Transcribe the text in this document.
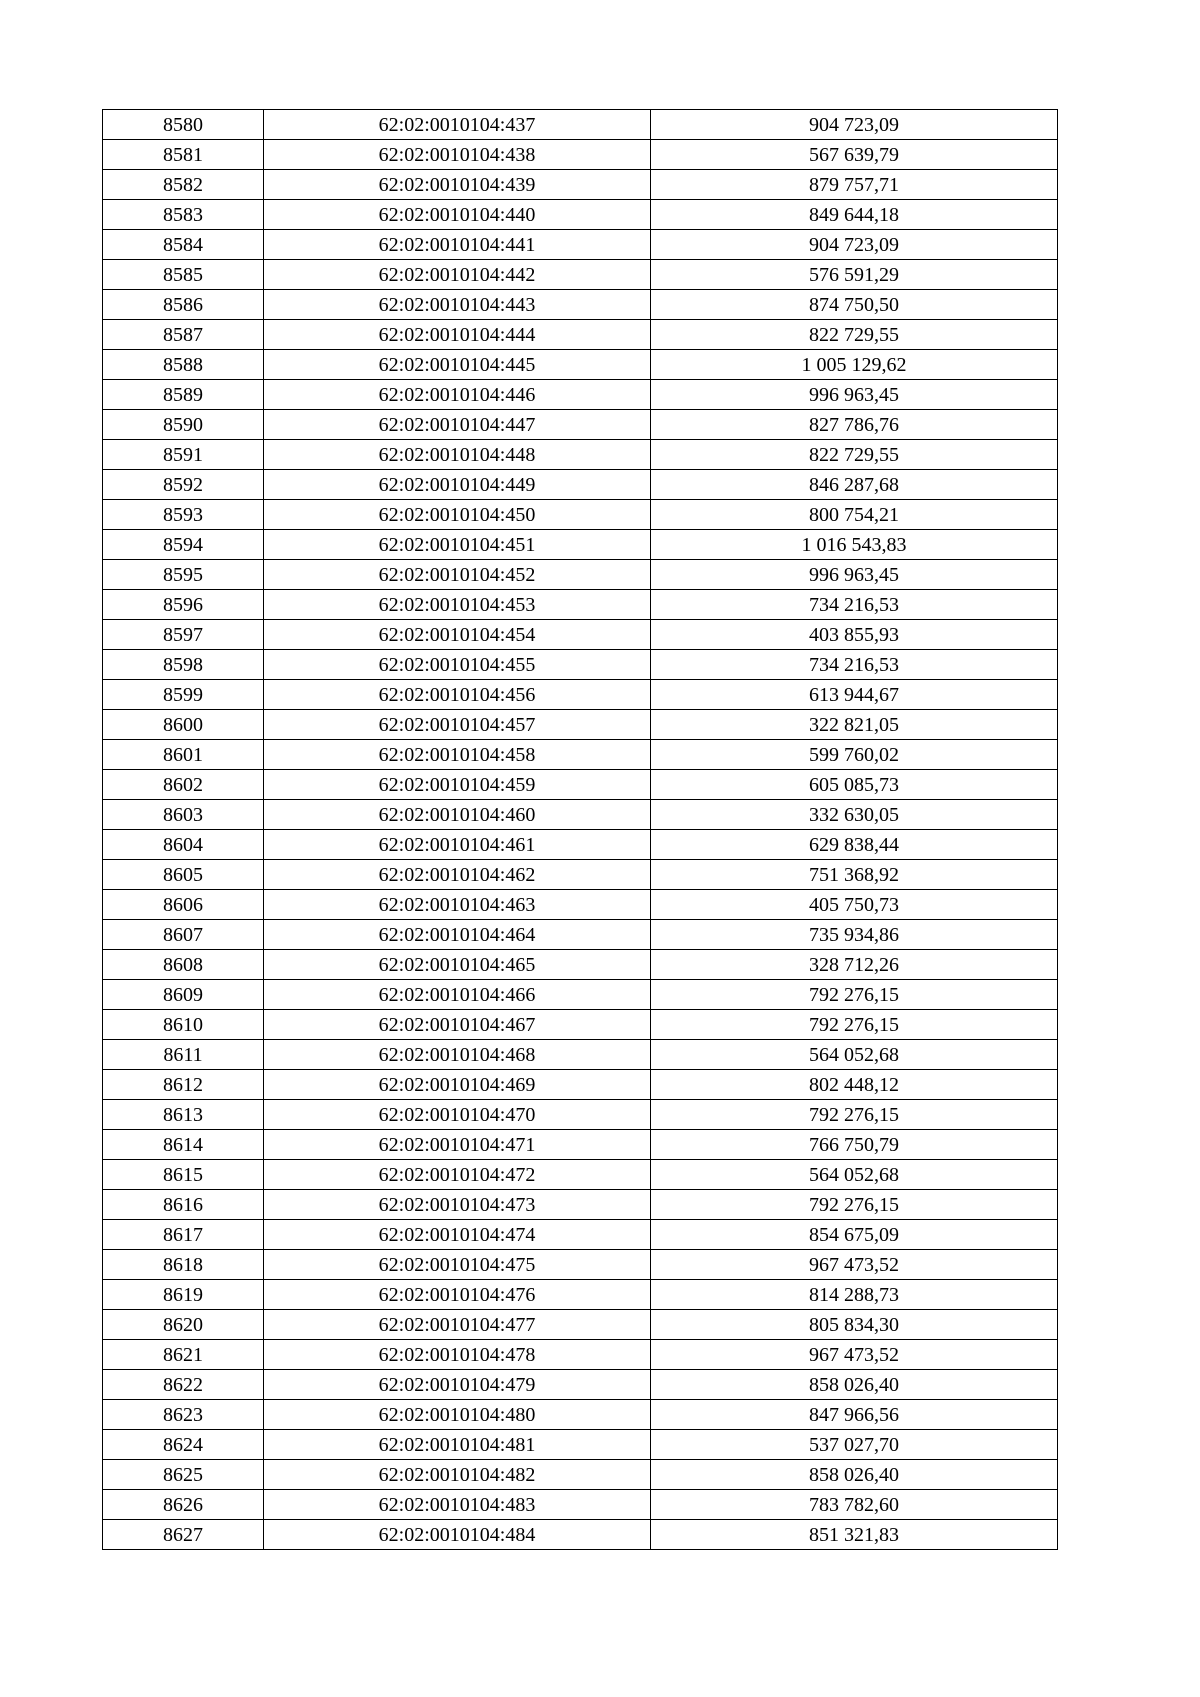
8580	62:02:0010104:437	904 723,09
8581	62:02:0010104:438	567 639,79
8582	62:02:0010104:439	879 757,71
8583	62:02:0010104:440	849 644,18
8584	62:02:0010104:441	904 723,09
8585	62:02:0010104:442	576 591,29
8586	62:02:0010104:443	874 750,50
8587	62:02:0010104:444	822 729,55
8588	62:02:0010104:445	1 005 129,62
8589	62:02:0010104:446	996 963,45
8590	62:02:0010104:447	827 786,76
8591	62:02:0010104:448	822 729,55
8592	62:02:0010104:449	846 287,68
8593	62:02:0010104:450	800 754,21
8594	62:02:0010104:451	1 016 543,83
8595	62:02:0010104:452	996 963,45
8596	62:02:0010104:453	734 216,53
8597	62:02:0010104:454	403 855,93
8598	62:02:0010104:455	734 216,53
8599	62:02:0010104:456	613 944,67
8600	62:02:0010104:457	322 821,05
8601	62:02:0010104:458	599 760,02
8602	62:02:0010104:459	605 085,73
8603	62:02:0010104:460	332 630,05
8604	62:02:0010104:461	629 838,44
8605	62:02:0010104:462	751 368,92
8606	62:02:0010104:463	405 750,73
8607	62:02:0010104:464	735 934,86
8608	62:02:0010104:465	328 712,26
8609	62:02:0010104:466	792 276,15
8610	62:02:0010104:467	792 276,15
8611	62:02:0010104:468	564 052,68
8612	62:02:0010104:469	802 448,12
8613	62:02:0010104:470	792 276,15
8614	62:02:0010104:471	766 750,79
8615	62:02:0010104:472	564 052,68
8616	62:02:0010104:473	792 276,15
8617	62:02:0010104:474	854 675,09
8618	62:02:0010104:475	967 473,52
8619	62:02:0010104:476	814 288,73
8620	62:02:0010104:477	805 834,30
8621	62:02:0010104:478	967 473,52
8622	62:02:0010104:479	858 026,40
8623	62:02:0010104:480	847 966,56
8624	62:02:0010104:481	537 027,70
8625	62:02:0010104:482	858 026,40
8626	62:02:0010104:483	783 782,60
8627	62:02:0010104:484	851 321,83
